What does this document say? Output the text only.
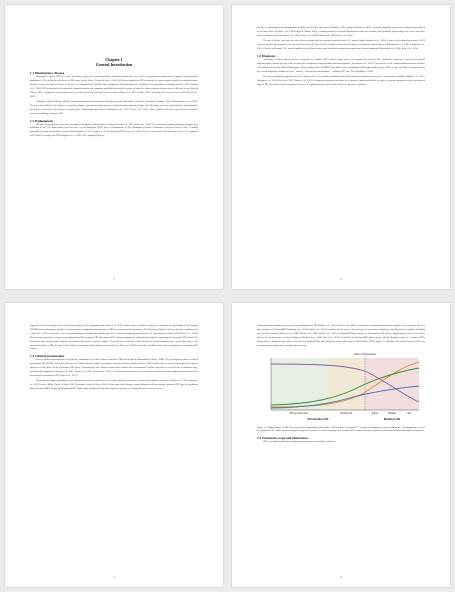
Chapter 1
General Introduction
1.1 Huntington's disease

Huntington's disease (HD) is a fatal, hereditary, progressive neurodegenerative condition characterised by a triad of symptoms including motor, cognitive and psychiatric disturbances. The worldwide prevalence of HD varies widely (Bates, Tabrizi & Jones, 2014). In Western populations HD is amongst the most common inherited neurodegenerative disorders, with an average prevalence of 10.6 to 13.7 individuals per 100,000 (often compared to 0.40 individuals per 100,000 in Asian populations) (Pringsheim et al., 2012; Rawlins et al., 2016). HD is inherited in an autosomal dominant fashion and symptoms typically manifest in the prime of adult life with an average disease onset at 40 years of age (Ross & Tabrizi, 2011). Symptoms worsen progressively over the next 15-20 years after onset of disease (Bates et al., 2015; Walker, 2007). Currently, there are no cures for HD (Bates et al., 2015).

Alongside bodily challenges HD has profound interpersonal and psychosocial impacts on the individuals (Aubeeluck, Buchanan & Stupple, 2012; Banaszkiewicz et al., 2012). These are often linked to the burden of caregiving, stigma, and concerns about genetic testing and family planning. People with HD may experience social isolation, discrimination, and adverse treatment in the context of employment, relationships and insurance (Bombard et al., 2012; Erwin et al., 2010). These families and carers may also face numerous emotional challenges related to HD.

1.2 Pathogenesis

HD has a known genetic cause that is amenable to diagnostic and predictive testing (Crawford et al., 2015; Ross et al., 2014). The autosomal dominant condition is triggered by mutations of the CAG trinucleotide repeat in exon 1 of the huntingtin (HTT) gene on chromosome 4 (The Huntington's Disease Collaborative Research Group, 1993). A healthy individual's average trinucleotide cytosine-adenine-guanine (CAG) length is 16 to 20 repeats in HTT (Ross et al., 2014). There are more than 35 to 39 repeats in the CAG expanded mHTT allele in people with HD (Langbehn et al., 2010). The expanded HD gene.

1

encodes an abnormally long polyglutamine (polyQ) tract (Trottier, Biancalana & Mandel, 1995; Saudou & Humbert, 2016). Cytotoxic huntingtin proteins are subsequently produced in the brain (Ross & Tabrizi, 2011; McColgan & Tabrizi, 2018), resulting initially in neuronal dysfunction within the striatum, then gradually progressing to the cortex and other regions within the brain (Vonsattel et al., 1985; Rosas et al., 2008; Tabrizi et al., 2009; Ross et al., 2014).

The age of disease onset and severity of disease progression are strongly associated with CAG repeat length (Langbehn et al., 2004). Carriers with reduced penetrance (36-39 repeats) may develop symptoms very late in life or not at all, whereas those with 40 or more repeats almost inevitably develop the disease (Rubinsztein et al., 1996; Langbehn et al., 2010). Carriers with longer CAG repeat lengths have also shown more rapid neurodegeneration and progression of motor symptoms (Rosenblatt et al., 2006; Ross et al., 2014).

1.3 Diagnosis

According to current clinical practice a diagnosis of "manifest HD" could be made when a neurologist has reached a 99% "diagnostic confidence" level in their clinical judgement that a patient presents with "an otherwise unexplained extrapyramidal movement disorder" (Reilmann et al., 2014). The presence of an extrapyramidal movement disorder is identified based on the Unified Huntington's Disease Rating Scale (UHDRS) Total Motor Score examination (Huntington Study Group, 1996). People with HD are categorised into one of four diagnostic confidence levels: "normal", "non-specific abnormalities", "possibly HD" and "99% probability" of HD.

The current diagnostic approach has been criticised due to its arbitrary probability threshold, imprecise categorical rating scale, and assessor variability (Biglan et al., 2013; Reilmann et al., 2014; Ross et al., 2019; Tabrizi et al., 2013). A diagnosis is assessed and made by a clinician's judgement that the emergence of motor symptoms is at the unequivocal stage of HD. The onset of motor symptoms, however, is a gradual process and it can be subject to interrater variability.

2

suggested to lack sensitivity in detecting clinical changes in the prodromal stage (Ross et al., 2019). Subtle motor or cognitive changes are currently not quantifiable in the standard UHDRS motor examination, and there is inconsistency in diagnostic classifications of HD in research and clinical practice. The Movement Disorder Society, therefore, commissioned a task force in 2017 to provide a set of recommendations for diagnostic classification and a consistent staging approach prior to the appearance of manifest HD (Ross et al., 2019). The task force proposed 3 categories, presymptomatic HD, prodromal HD and manifest HD, with presymptomatic and prodromal together comprising the premanifest HD period. The prodromal stage includes both cognitive and motor components of clinical changes. Given that one of the aims of this thesis is to provide comprehensive speech phenotype in the premanifest phase of HD, all studies will adopt the terminology and definition recommended by Ross et al. (2019) to describe and differentiate the two subgroups in premanifest HD cohorts.

1.4 Clinical presentation

Prior to clinical manifestation of the disease, individuals are healthy with no detectable HD-related clinical abnormalities (Myers, 2004). The pre-diagnostic phase is termed premanifest HD (PreHD), but is thus known to be characterised by subtle neurological and other clinical findings (Walker, 2007). Subtle disease-related neurological and clinical changes can take place in the premanifest HD phase. Neuroimaging and clinical characteristics studies have demonstrated a subtle trajectory of events in the premanifest stage, culminating in diagnosis (Aylward et al., 2011; Rosas et al., 2008; Tabrizi et al., 2011). An increased concentration of cerebrospinal fluid neurofilament light protein has also been documented in premanifest HD (Byrne et al., 2017).

Neurological changes beginning in the prediagnostic period eventually reveal to subtle clinical presentations of motor and cognitive symptoms (Biglan et al., 2016; Epping et al., 2016; Paulsen, Miller, Hayes, & Shaw, 2017; Reilmann, Leavitt, & Ross, 2014). In this stage of the disease, people diagnosed with genetically confirmed HD enter the prodromal stage (ProdromalHD). People with ProdromalHD exhibit subtle changes in motor and cognitive functions, even though they have not yet shown.

3

substantial motor symptoms to warrant a formal diagnosis of HD (Biglan et al., 2016; Paulsen et al., 2008). Assessments of quantitative motor and cognitive assessments are likely to show changes in ProdromalHD (Reilmann et al., 2014; Scahill et al., 2013). Cognitive decline may be detected up to 15 years before diagnosis, including reduced cognitive flexibility and executive function (Paulsen et al., 2008; Tabrizi et al., 2009; Tabrizi et al., 2011). ProdromalHD may comprise a substantial period of time, approximately one to two decades prior to the predicted time of clinical diagnosis (Paulsen et al., 2008; Ross et al., 2014). Gradually, the ProdromalHD phase merges with the diagnostic phase (i.e., manifest HD), during which a diagnosis takes place as the affected individual has sufficiently developed motor signs of HD (Walker, 2007). Figure 1.1 illustrates the natural history of HD from presymptomatic, prodromal, to manifest disease stage.

Motor Diagnosis
Presymptomatic	Prodromal	Early	Middle	Late
Premanifest HD	Manifest HD

Figure 1.1. Natural history of HD. The period before diagnosable motor signs of HD is termed "premanifest". No signs or symptoms are present during the "presymptomatic" period. In "prodromal" HD, subtle motor and cognitive signs are present. As the disease progresses, manifest HD is characterised by a gradual deterioration of motor and cognitive functions.

1.5 Treatment scope and biomarkers

HD is currently incurable but symptomatic treatments are available to alleviate

4
